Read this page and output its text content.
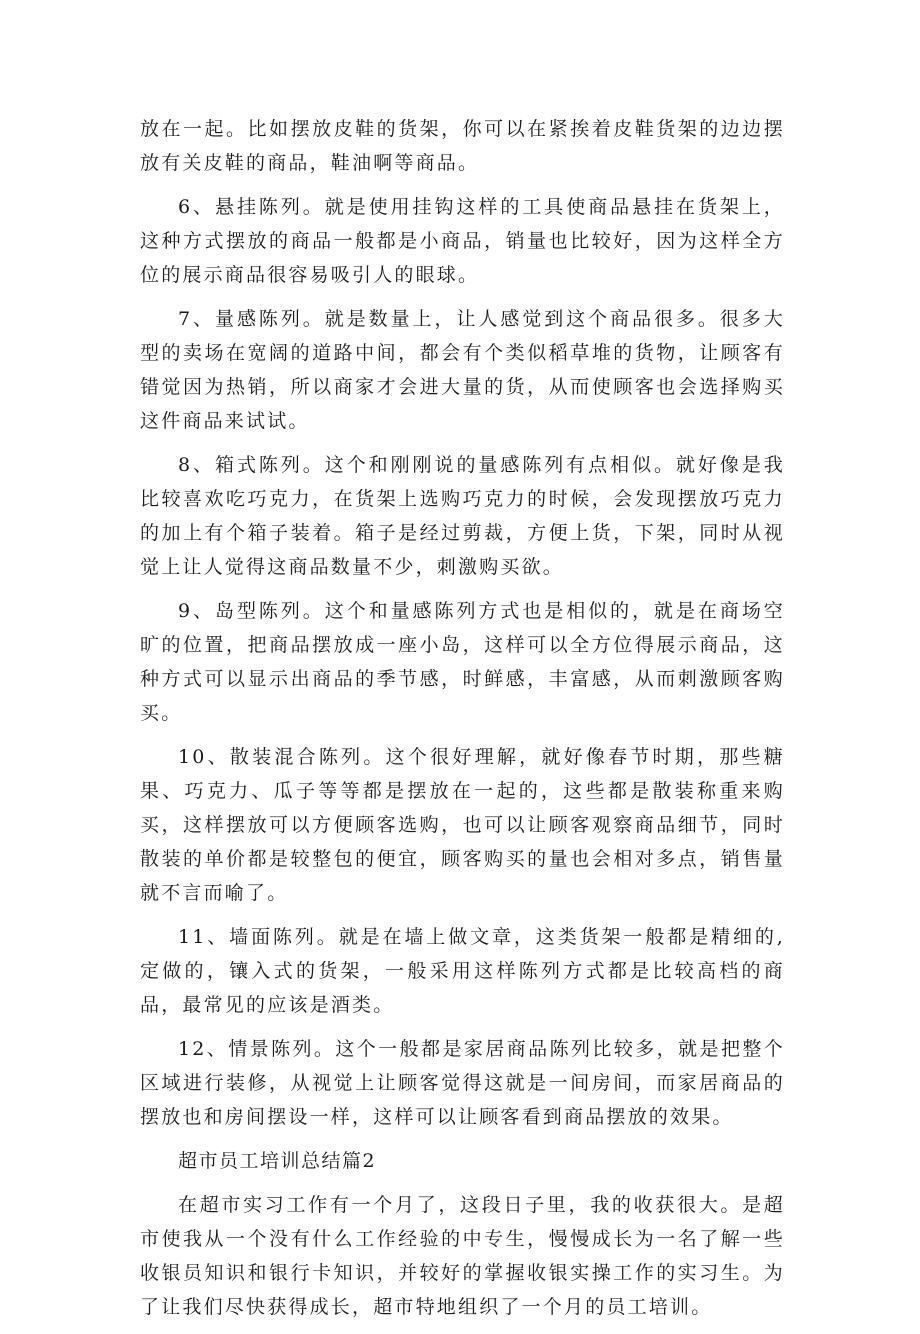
放在一起。比如摆放皮鞋的货架，你可以在紧挨着皮鞋货架的边边摆放有关皮鞋的商品，鞋油啊等商品。

6、悬挂陈列。就是使用挂钩这样的工具使商品悬挂在货架上，这种方式摆放的商品一般都是小商品，销量也比较好，因为这样全方位的展示商品很容易吸引人的眼球。

7、量感陈列。就是数量上，让人感觉到这个商品很多。很多大型的卖场在宽阔的道路中间，都会有个类似稻草堆的货物，让顾客有错觉因为热销，所以商家才会进大量的货，从而使顾客也会选择购买这件商品来试试。

8、箱式陈列。这个和刚刚说的量感陈列有点相似。就好像是我比较喜欢吃巧克力，在货架上选购巧克力的时候，会发现摆放巧克力的加上有个箱子装着。箱子是经过剪裁，方便上货，下架，同时从视觉上让人觉得这商品数量不少，刺激购买欲。

9、岛型陈列。这个和量感陈列方式也是相似的，就是在商场空旷的位置，把商品摆放成一座小岛，这样可以全方位得展示商品，这种方式可以显示出商品的季节感，时鲜感，丰富感，从而刺激顾客购买。

10、散装混合陈列。这个很好理解，就好像春节时期，那些糖果、巧克力、瓜子等等都是摆放在一起的，这些都是散装称重来购买，这样摆放可以方便顾客选购，也可以让顾客观察商品细节，同时散装的单价都是较整包的便宜，顾客购买的量也会相对多点，销售量就不言而喻了。

11、墙面陈列。就是在墙上做文章，这类货架一般都是精细的,定做的，镶入式的货架，一般采用这样陈列方式都是比较高档的商品，最常见的应该是酒类。

12、情景陈列。这个一般都是家居商品陈列比较多，就是把整个区域进行装修，从视觉上让顾客觉得这就是一间房间，而家居商品的摆放也和房间摆设一样，这样可以让顾客看到商品摆放的效果。

超市员工培训总结篇2

在超市实习工作有一个月了，这段日子里，我的收获很大。是超市使我从一个没有什么工作经验的中专生，慢慢成长为一名了解一些收银员知识和银行卡知识，并较好的掌握收银实操工作的实习生。为了让我们尽快获得成长，超市特地组织了一个月的员工培训。
